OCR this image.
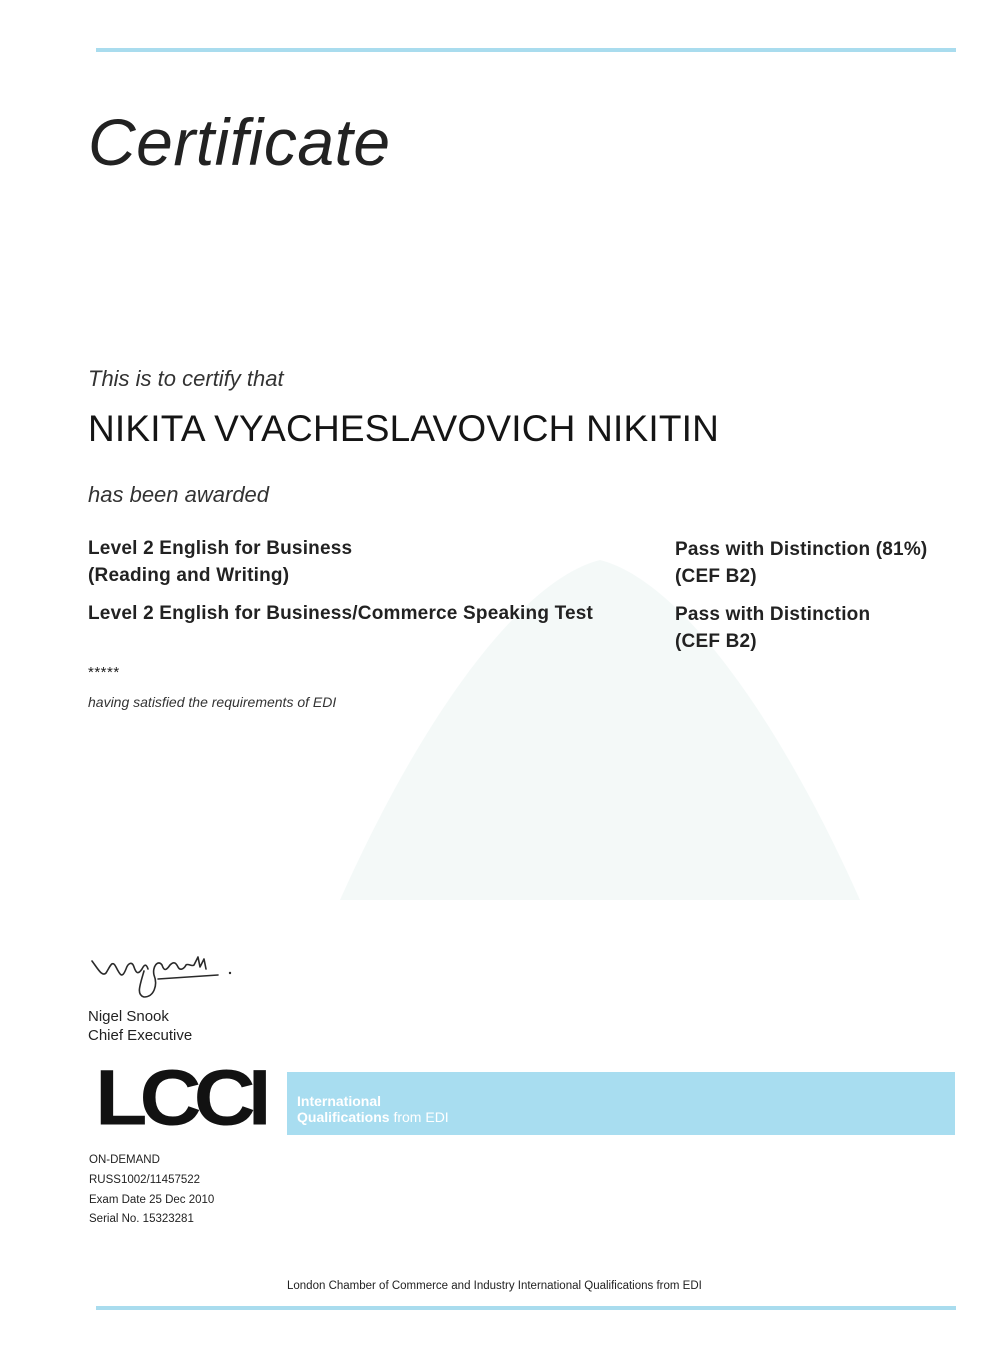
Certificate
This is to certify that
NIKITA VYACHESLAVOVICH NIKITIN
has been awarded
Level 2 English for Business
(Reading and Writing)
Pass with Distinction (81%)
(CEF B2)
Level 2 English for Business/Commerce Speaking Test	Pass with Distinction
(CEF B2)
*****
having satisfied the requirements of EDI
Nigel Snook
Chief Executive
LCCI International
Qualifications from EDI
ON-DEMAND
RUSS1002/11457522
Exam Date 25 Dec 2010
Serial No. 15323281
London Chamber of Commerce and Industry International Qualifications from EDI
